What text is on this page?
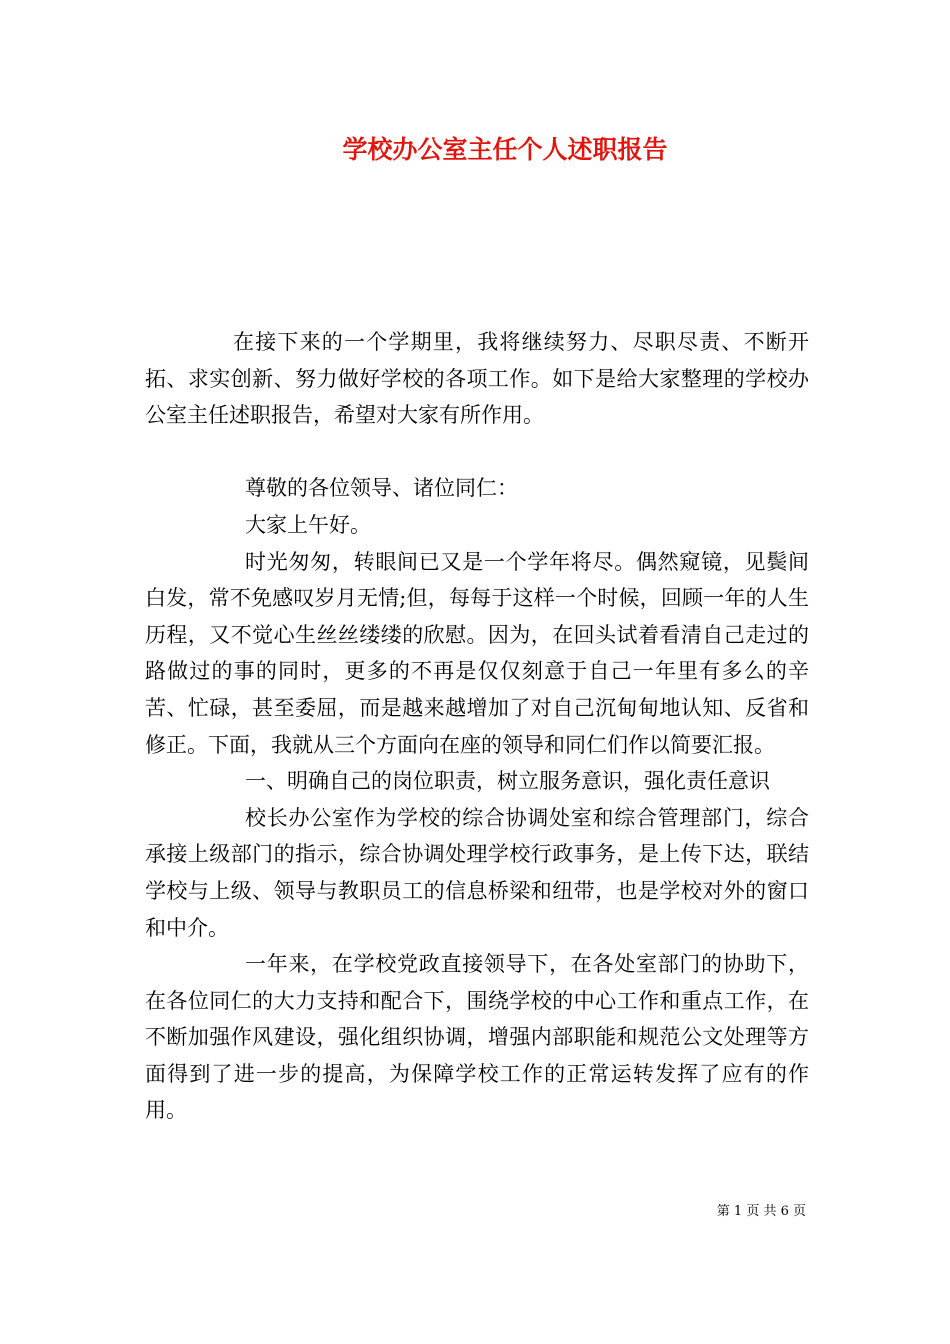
学校办公室主任个人述职报告

在接下来的一个学期里，我将继续努力、尽职尽责、不断开拓、求实创新、努力做好学校的各项工作。如下是给大家整理的学校办公室主任述职报告，希望对大家有所作用。

尊敬的各位领导、诸位同仁：

大家上午好。

时光匆匆，转眼间已又是一个学年将尽。偶然窥镜，见鬓间白发，常不免感叹岁月无情;但，每每于这样一个时候，回顾一年的人生历程，又不觉心生丝丝缕缕的欣慰。因为，在回头试着看清自己走过的路做过的事的同时，更多的不再是仅仅刻意于自己一年里有多么的辛苦、忙碌，甚至委屈，而是越来越增加了对自己沉甸甸地认知、反省和修正。下面，我就从三个方面向在座的领导和同仁们作以简要汇报。

一、明确自己的岗位职责，树立服务意识，强化责任意识

校长办公室作为学校的综合协调处室和综合管理部门，综合承接上级部门的指示，综合协调处理学校行政事务，是上传下达，联结学校与上级、领导与教职员工的信息桥梁和纽带，也是学校对外的窗口和中介。

一年来，在学校党政直接领导下，在各处室部门的协助下，在各位同仁的大力支持和配合下，围绕学校的中心工作和重点工作，在不断加强作风建设，强化组织协调，增强内部职能和规范公文处理等方面得到了进一步的提高，为保障学校工作的正常运转发挥了应有的作用。

第 1 页 共 6 页
